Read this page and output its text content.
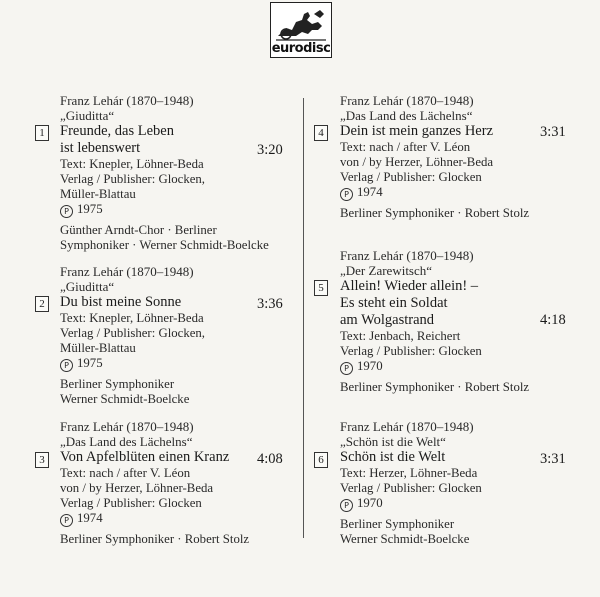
eurodisc
Franz Lehár (1870–1948)
„Giuditta“
Freunde, das Leben
ist lebenswert
Text: Knepler, Löhner-Beda
Verlag / Publisher: Glocken,
Müller-Blattau
P 1975
Günther Arndt-Chor · Berliner
Symphoniker · Werner Schmidt-Boelcke
1
3:20
Franz Lehár (1870–1948)
„Giuditta“
Du bist meine Sonne
Text: Knepler, Löhner-Beda
Verlag / Publisher: Glocken,
Müller-Blattau
P 1975
Berliner Symphoniker
Werner Schmidt-Boelcke
2	3:36
Franz Lehár (1870–1948)
„Das Land des Lächelns“
Von Apfelblüten einen Kranz
Text: nach / after V. Léon
von / by Herzer, Löhner-Beda
Verlag / Publisher: Glocken
P 1974
Berliner Symphoniker · Robert Stolz
3	4:08
Franz Lehár (1870–1948)
„Das Land des Lächelns“
Dein ist mein ganzes Herz
Text: nach / after V. Léon
von / by Herzer, Löhner-Beda
Verlag / Publisher: Glocken
P 1974
Berliner Symphoniker · Robert Stolz
4	3:31
Franz Lehár (1870–1948)
„Der Zarewitsch“
Allein! Wieder allein! –
Es steht ein Soldat
am Wolgastrand
Text: Jenbach, Reichert
Verlag / Publisher: Glocken
P 1970
Berliner Symphoniker · Robert Stolz
5
4:18
Franz Lehár (1870–1948)
„Schön ist die Welt“
Schön ist die Welt
Text: Herzer, Löhner-Beda
Verlag / Publisher: Glocken
P 1970
Berliner Symphoniker
Werner Schmidt-Boelcke
6	3:31
